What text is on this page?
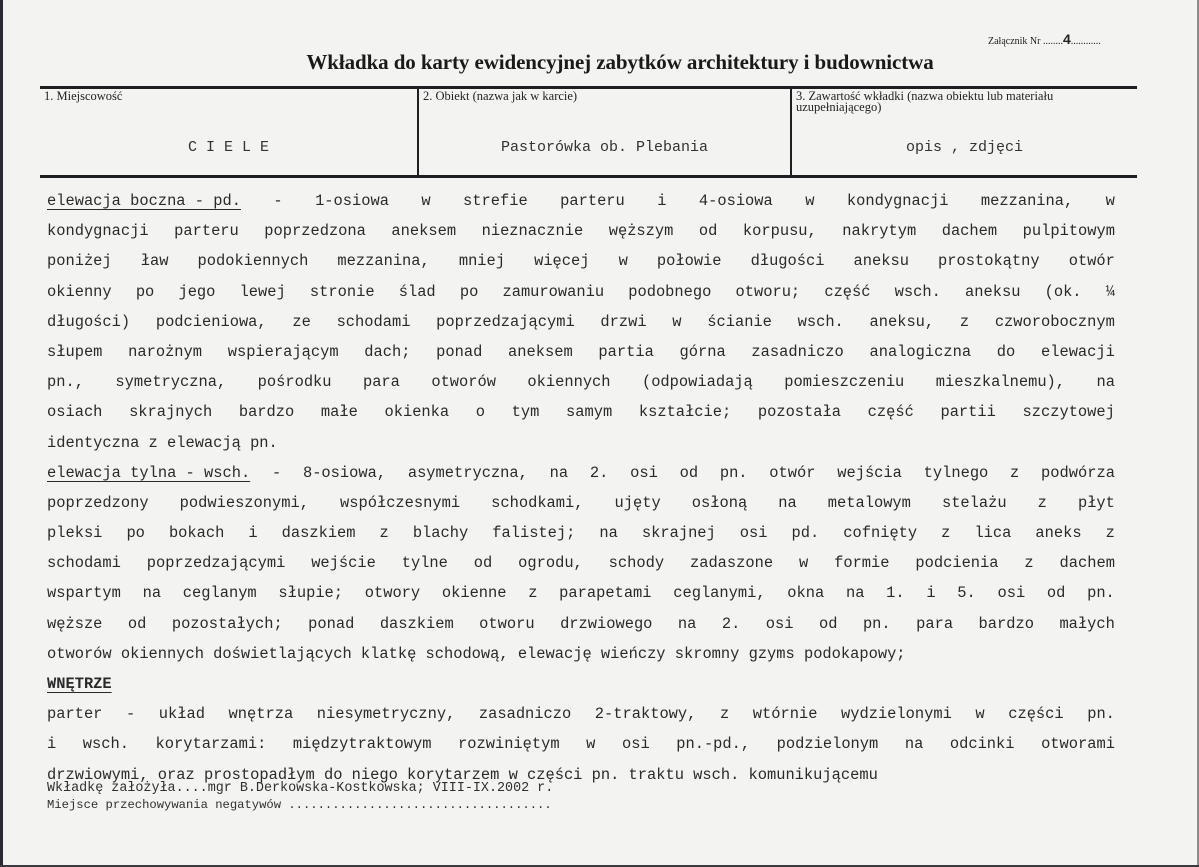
Załącznik Nr ........4............
Wkładka do karty ewidencyjnej zabytków architektury i budownictwa
1. Miejscowość
C I E L E
2. Obiekt (nazwa jak w karcie)
Pastorówka ob. Plebania
3. Zawartość wkładki (nazwa obiektu lub materiału
uzupełniającego)
opis , zdjęci
elewacja boczna - pd. - 1-osiowa w strefie parteru i 4-osiowa w kondygnacji mezzanina, w
kondygnacji parteru poprzedzona aneksem nieznacznie węższym od korpusu, nakrytym dachem pulpitowym
poniżej ław podokiennych mezzanina, mniej więcej w połowie długości aneksu prostokątny otwór
okienny po jego lewej stronie ślad po zamurowaniu podobnego otworu; część wsch. aneksu (ok. ¼
długości) podcieniowa, ze schodami poprzedzającymi drzwi w ścianie wsch. aneksu, z czworobocznym
słupem narożnym wspierającym dach; ponad aneksem partia górna zasadniczo analogiczna do elewacji
pn., symetryczna, pośrodku para otworów okiennych (odpowiadają pomieszczeniu mieszkalnemu), na
osiach skrajnych bardzo małe okienka o tym samym kształcie; pozostała część partii szczytowej
identyczna z elewacją pn.
elewacja tylna - wsch. - 8-osiowa, asymetryczna, na 2. osi od pn. otwór wejścia tylnego z podwórza
poprzedzony podwieszonymi, współczesnymi schodkami, ujęty osłoną na metalowym stelażu z płyt
pleksi po bokach i daszkiem z blachy falistej; na skrajnej osi pd. cofnięty z lica aneks z
schodami poprzedzającymi wejście tylne od ogrodu, schody zadaszone w formie podcienia z dachem
wspartym na ceglanym słupie; otwory okienne z parapetami ceglanymi, okna na 1. i 5. osi od pn.
węższe od pozostałych; ponad daszkiem otworu drzwiowego na 2. osi od pn. para bardzo małych
otworów okiennych doświetlających klatkę schodową, elewację wieńczy skromny gzyms podokapowy;
WNĘTRZE
parter - układ wnętrza niesymetryczny, zasadniczo 2-traktowy, z wtórnie wydzielonymi w części pn.
i wsch. korytarzami: międzytraktowym rozwiniętym w osi pn.-pd., podzielonym na odcinki otworami
drzwiowymi, oraz prostopadłym do niego korytarzem w części pn. traktu wsch. komunikującemu
Wkładkę założyła....mgr B.Derkowska-Kostkowska; VIII-IX.2002 r.
Miejsce przechowywania negatywów ....................................
